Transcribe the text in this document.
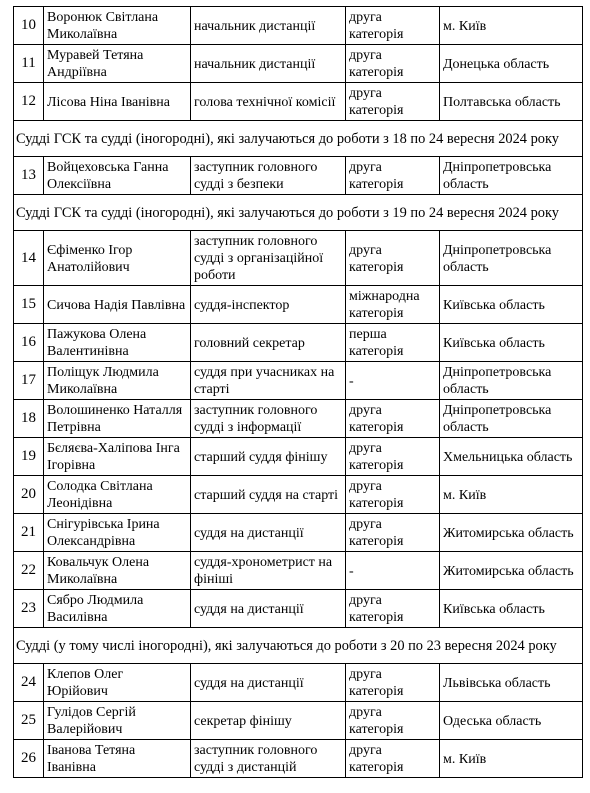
10	Воронюк Світлана Миколаївна	начальник дистанції	друга категорія	м. Київ
11	Муравей Тетяна Андріївна	начальник дистанції	друга категорія	Донецька область
12	Лісова Ніна Іванівна	голова технічної комісії	друга категорія	Полтавська область
Судді ГСК та судді (іногородні), які залучаються до роботи з 18 по 24 вересня 2024 року				
13	Войцеховська Ганна Олексіївна	заступник головного судді з безпеки	друга категорія	Дніпропетровська область
Судді ГСК та судді (іногородні), які залучаються до роботи з 19 по 24 вересня 2024 року				
14	Єфіменко Ігор Анатолійович	заступник головного судді з організаційної роботи	друга категорія	Дніпропетровська область
15	Сичова Надія Павлівна	суддя-інспектор	міжнародна категорія	Київська область
16	Пажукова Олена Валентинівна	головний секретар	перша категорія	Київська область
17	Поліщук Людмила Миколаївна	суддя при учасниках на старті	-	Дніпропетровська область
18	Волошиненко Наталля Петрівна	заступник головного судді з інформації	друга категорія	Дніпропетровська область
19	Бєляєва-Халіпова Інга Ігорівна	старший суддя фінішу	друга категорія	Хмельницька область
20	Солодка Світлана Леонідівна	старший суддя на старті	друга категорія	м. Київ
21	Снігурівська Ірина Олександрівна	суддя на дистанції	друга категорія	Житомирська область
22	Ковальчук Олена Миколаївна	суддя-хронометрист на фініші	-	Житомирська область
23	Сябро Людмила Василівна	суддя на дистанції	друга категорія	Київська область
Судді (у тому числі іногородні), які залучаються до роботи з 20 по 23 вересня 2024 року				
24	Клепов Олег Юрійович	суддя на дистанції	друга категорія	Львівська область
25	Гулідов Сергій Валерійович	секретар фінішу	друга категорія	Одеська область
26	Іванова Тетяна Іванівна	заступник головного судді з дистанцій	друга категорія	м. Київ
